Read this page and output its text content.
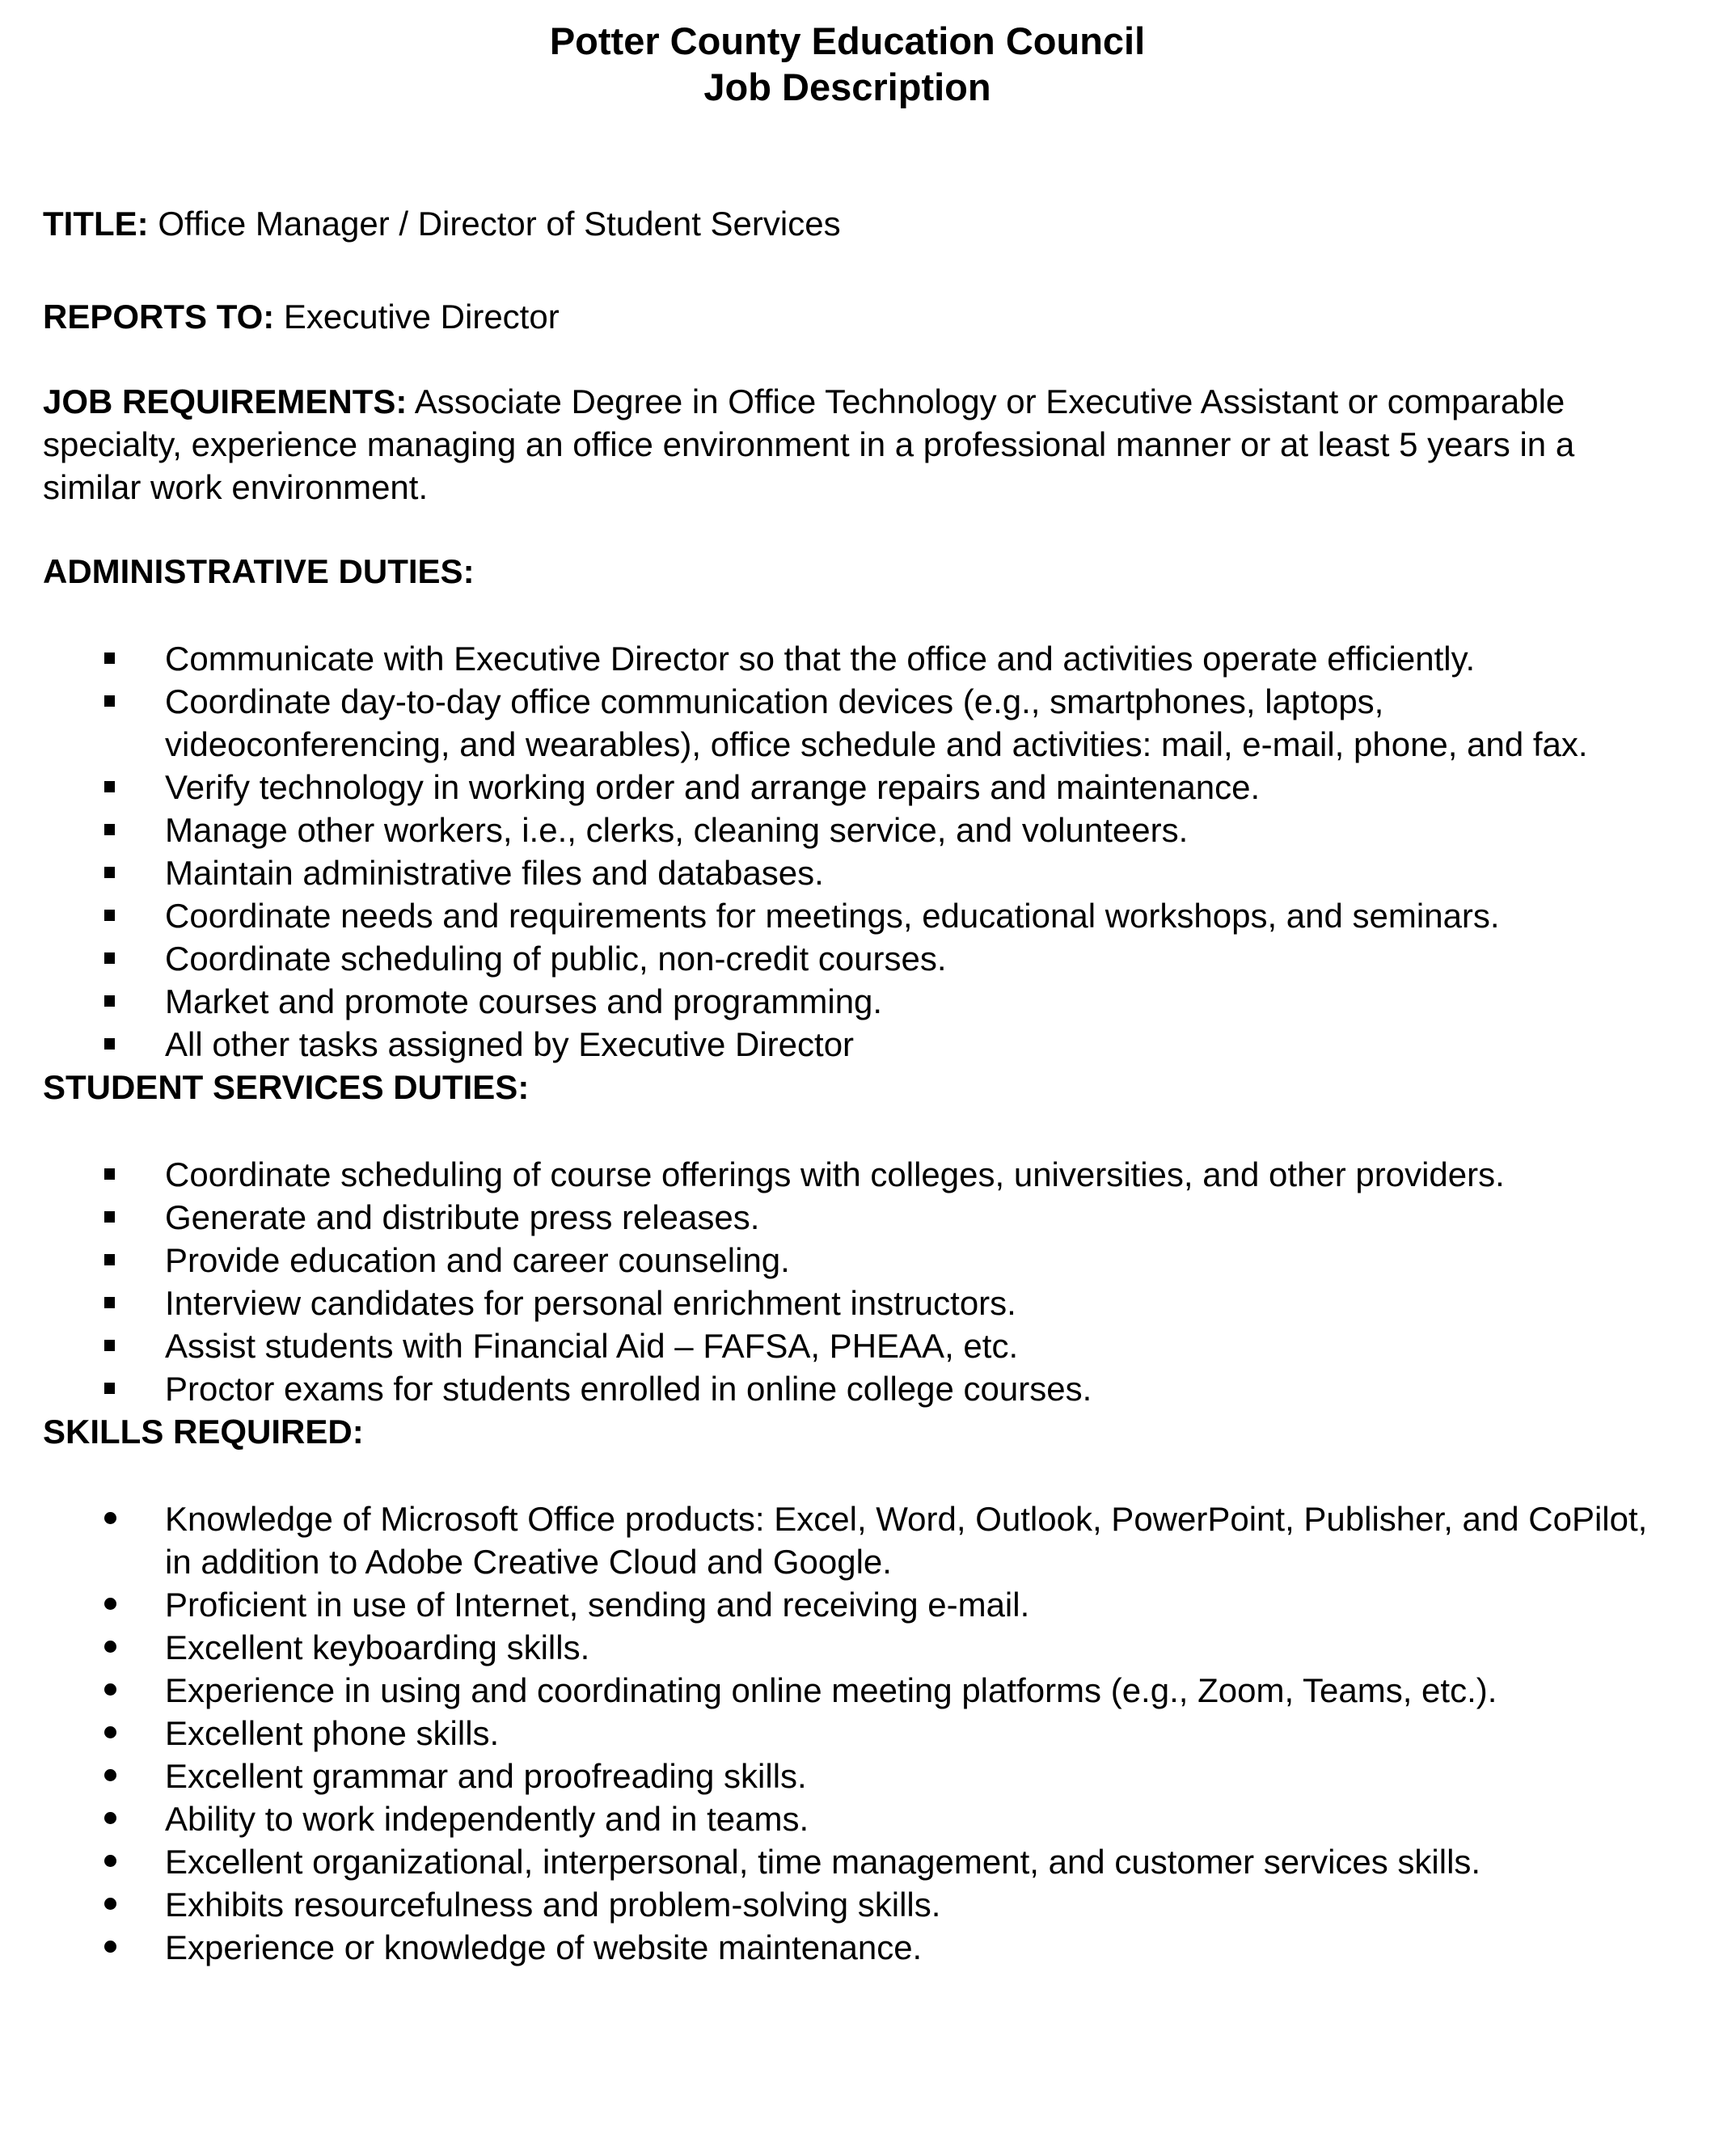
Potter County Education Council
Job Description

TITLE: Office Manager / Director of Student Services

REPORTS TO: Executive Director

JOB REQUIREMENTS: Associate Degree in Office Technology or Executive Assistant or comparable specialty, experience managing an office environment in a professional manner or at least 5 years in a similar work environment.

ADMINISTRATIVE DUTIES:
Communicate with Executive Director so that the office and activities operate efficiently.
Coordinate day-to-day office communication devices (e.g., smartphones, laptops, videoconferencing, and wearables), office schedule and activities: mail, e-mail, phone, and fax.
Verify technology in working order and arrange repairs and maintenance.
Manage other workers, i.e., clerks, cleaning service, and volunteers.
Maintain administrative files and databases.
Coordinate needs and requirements for meetings, educational workshops, and seminars.
Coordinate scheduling of public, non-credit courses.
Market and promote courses and programming.
All other tasks assigned by Executive Director
STUDENT SERVICES DUTIES:
Coordinate scheduling of course offerings with colleges, universities, and other providers.
Generate and distribute press releases.
Provide education and career counseling.
Interview candidates for personal enrichment instructors.
Assist students with Financial Aid – FAFSA, PHEAA, etc.
Proctor exams for students enrolled in online college courses.
SKILLS REQUIRED:
Knowledge of Microsoft Office products: Excel, Word, Outlook, PowerPoint, Publisher, and CoPilot, in addition to Adobe Creative Cloud and Google.
Proficient in use of Internet, sending and receiving e-mail.
Excellent keyboarding skills.
Experience in using and coordinating online meeting platforms (e.g., Zoom, Teams, etc.).
Excellent phone skills.
Excellent grammar and proofreading skills.
Ability to work independently and in teams.
Excellent organizational, interpersonal, time management, and customer services skills.
Exhibits resourcefulness and problem-solving skills.
Experience or knowledge of website maintenance.
